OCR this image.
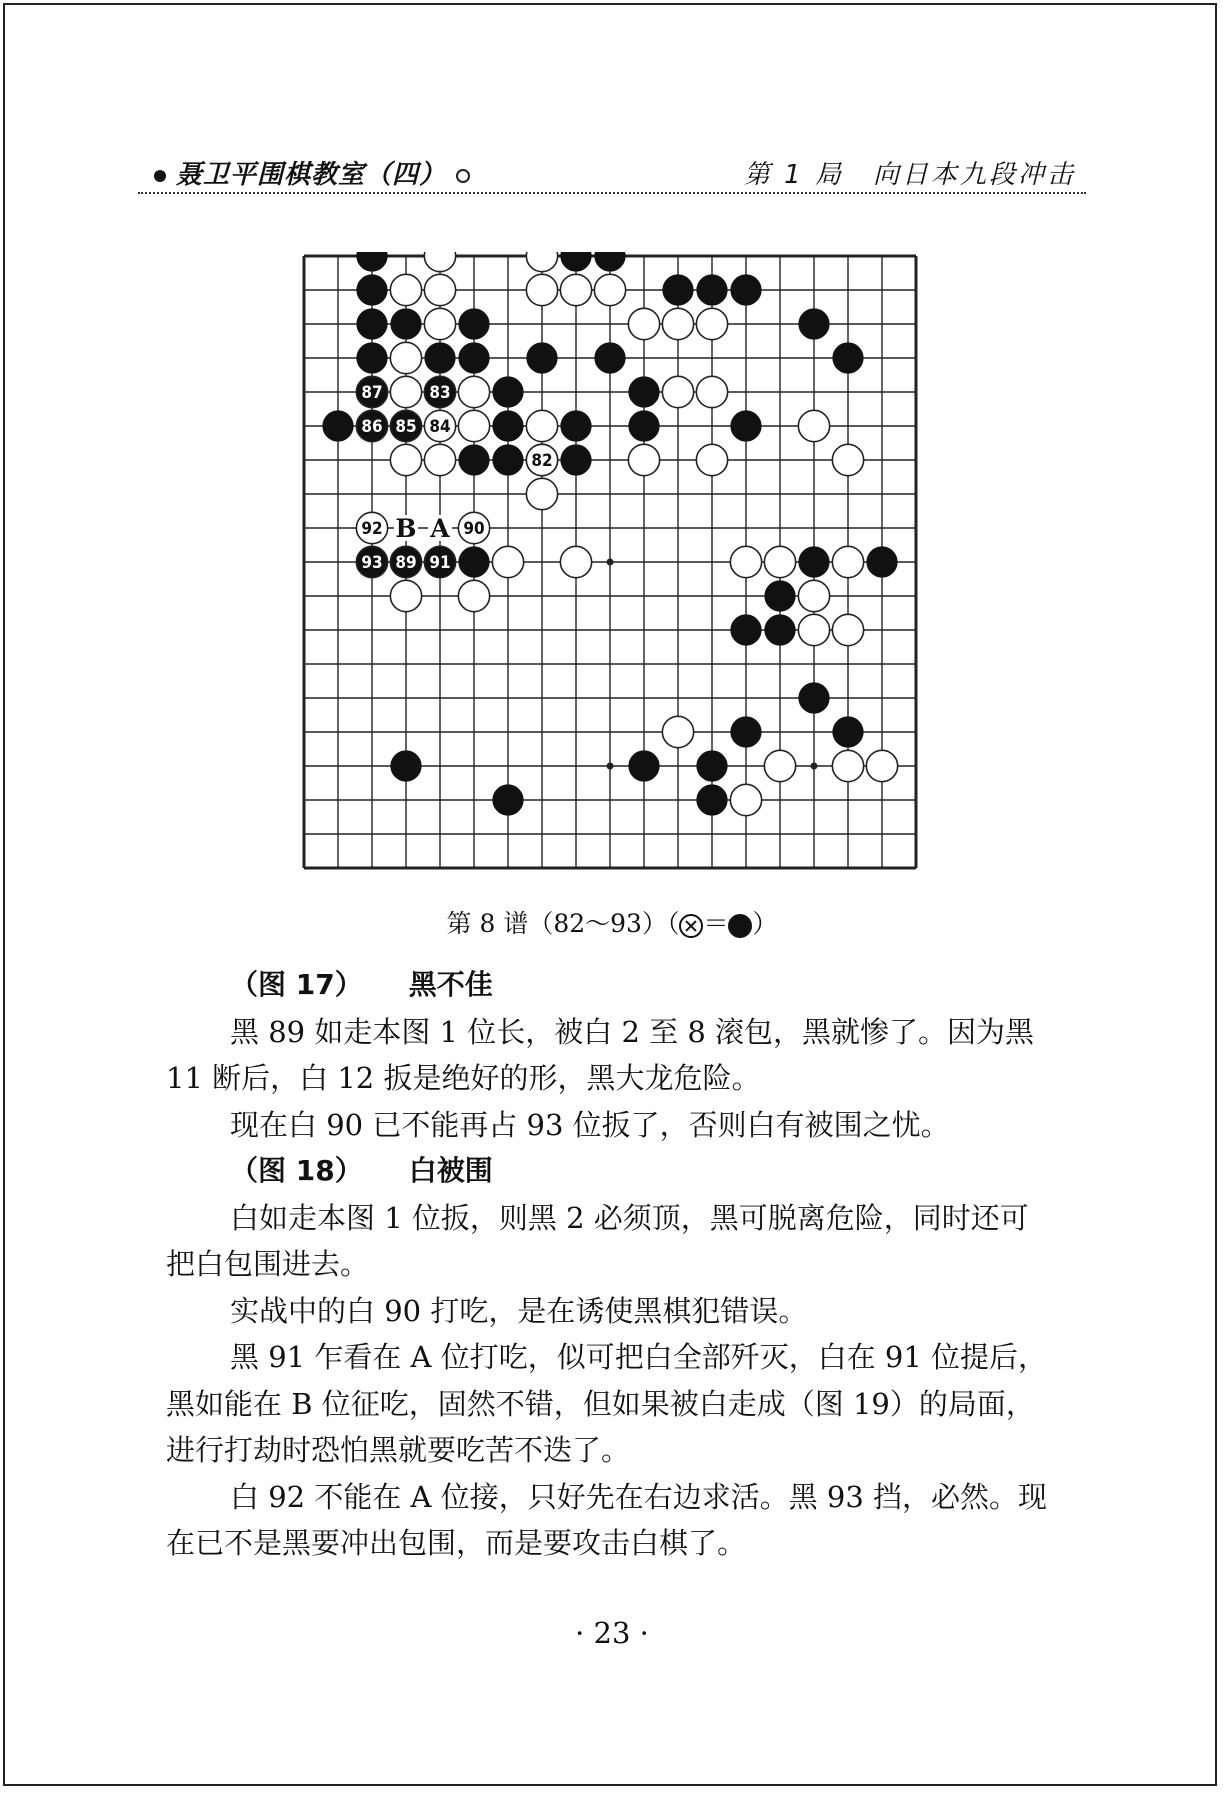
聂卫平围棋教室（四）	第 1 局　向日本九段冲击
87	83
86 85 84
82
92	90
93 89 91
B A
第 8 谱（82～93）（ ＝ ）

（图 17） 黑不佳

黑 89 如走本图 1 位长，被白 2 至 8 滚包，黑就惨了。因为黑 11 断后，白 12 扳是绝好的形，黑大龙危险。

现在白 90 已不能再占 93 位扳了，否则白有被围之忧。

（图 18） 白被围

白如走本图 1 位扳，则黑 2 必须顶，黑可脱离危险，同时还可把白包围进去。

实战中的白 90 打吃，是在诱使黑棋犯错误。

黑 91 乍看在 A 位打吃，似可把白全部歼灭，白在 91 位提后，黑如能在 B 位征吃，固然不错，但如果被白走成（图 19）的局面，进行打劫时恐怕黑就要吃苦不迭了。

白 92 不能在 A 位接，只好先在右边求活。黑 93 挡，必然。现在已不是黑要冲出包围，而是要攻击白棋了。

· 23 ·
